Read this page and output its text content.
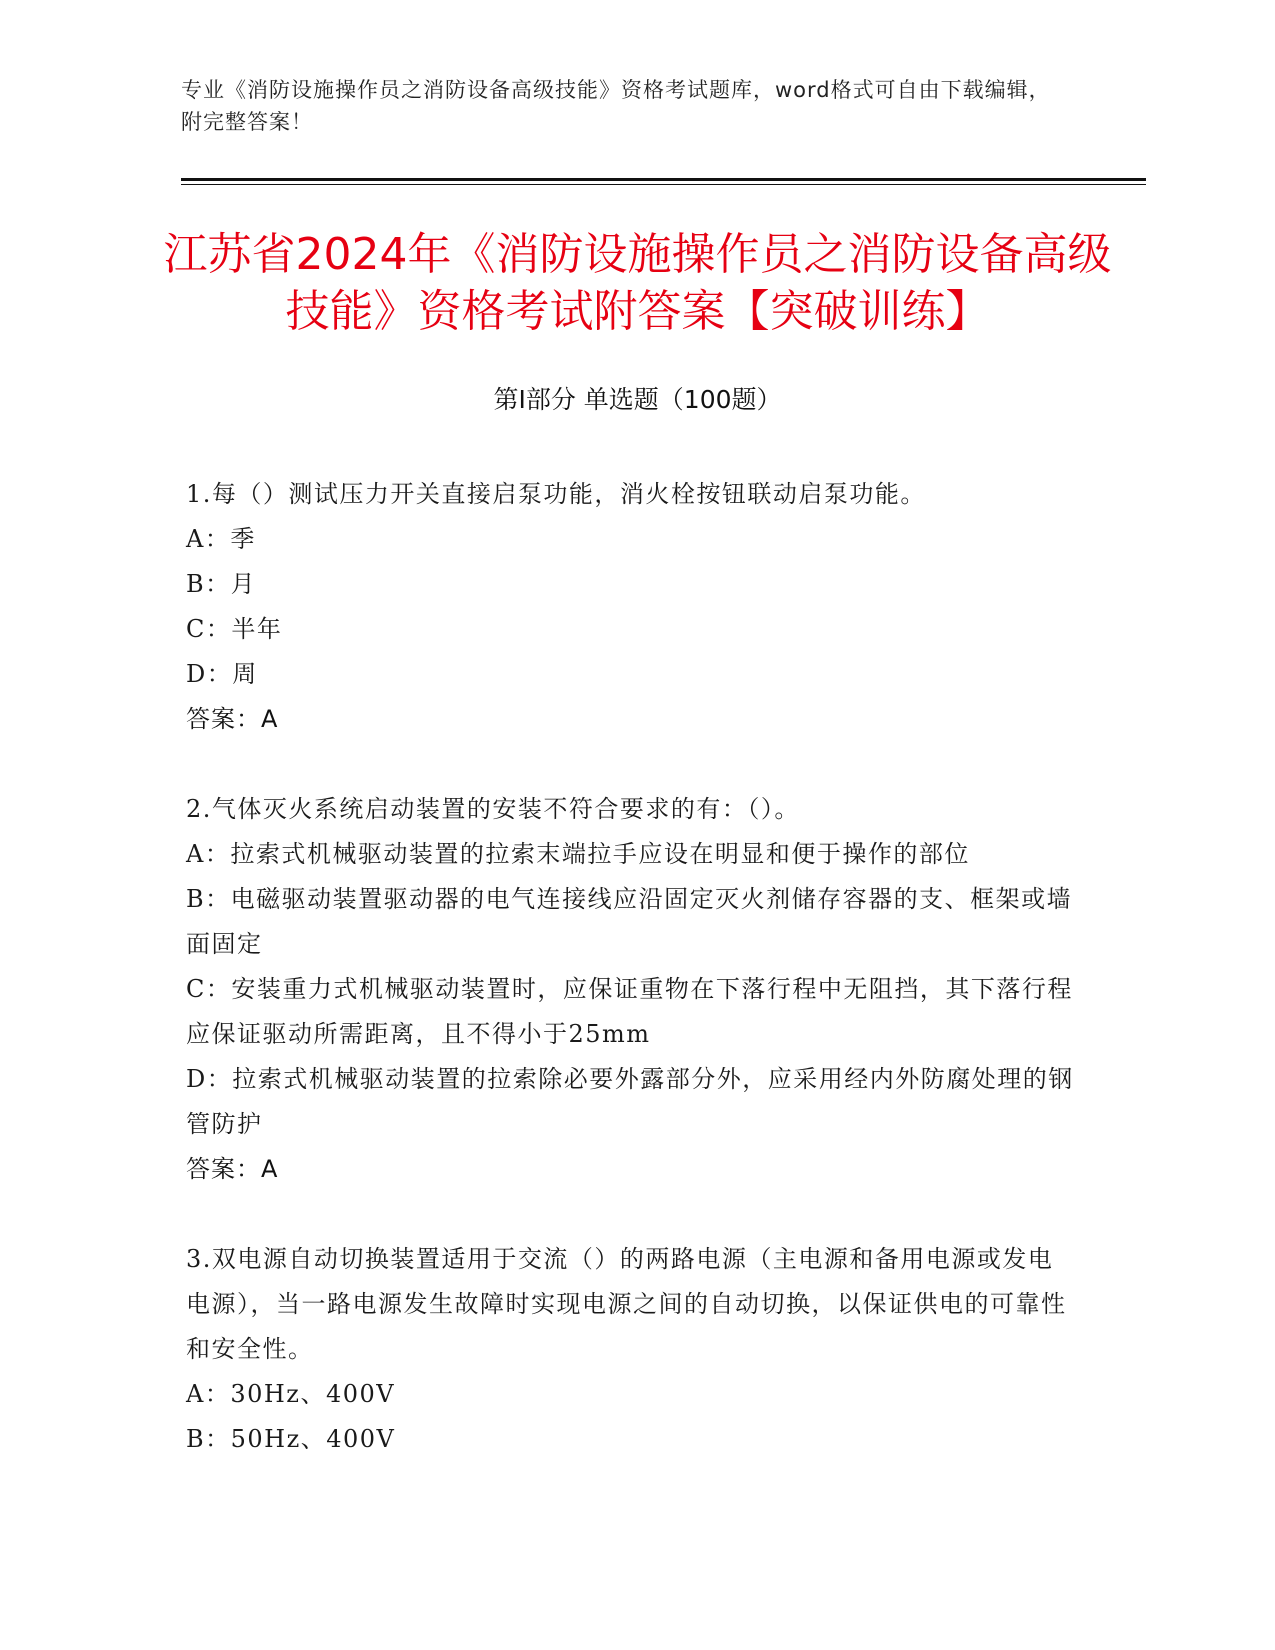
专业《消防设施操作员之消防设备高级技能》资格考试题库，word格式可自由下载编辑，附完整答案！
江苏省2024年《消防设施操作员之消防设备高级技能》资格考试附答案【突破训练】
第I部分 单选题（100题）
1.每（）测试压力开关直接启泵功能，消火栓按钮联动启泵功能。
A：季
B：月
C：半年
D：周
答案：A
2.气体灭火系统启动装置的安装不符合要求的有：（）。
A：拉索式机械驱动装置的拉索末端拉手应设在明显和便于操作的部位
B：电磁驱动装置驱动器的电气连接线应沿固定灭火剂储存容器的支、框架或墙面固定
C：安装重力式机械驱动装置时，应保证重物在下落行程中无阻挡，其下落行程应保证驱动所需距离，且不得小于25mm
D：拉索式机械驱动装置的拉索除必要外露部分外，应采用经内外防腐处理的钢管防护
答案：A
3.双电源自动切换装置适用于交流（）的两路电源（主电源和备用电源或发电电源），当一路电源发生故障时实现电源之间的自动切换，以保证供电的可靠性和安全性。
A：30Hz、400V
B：50Hz、400V
